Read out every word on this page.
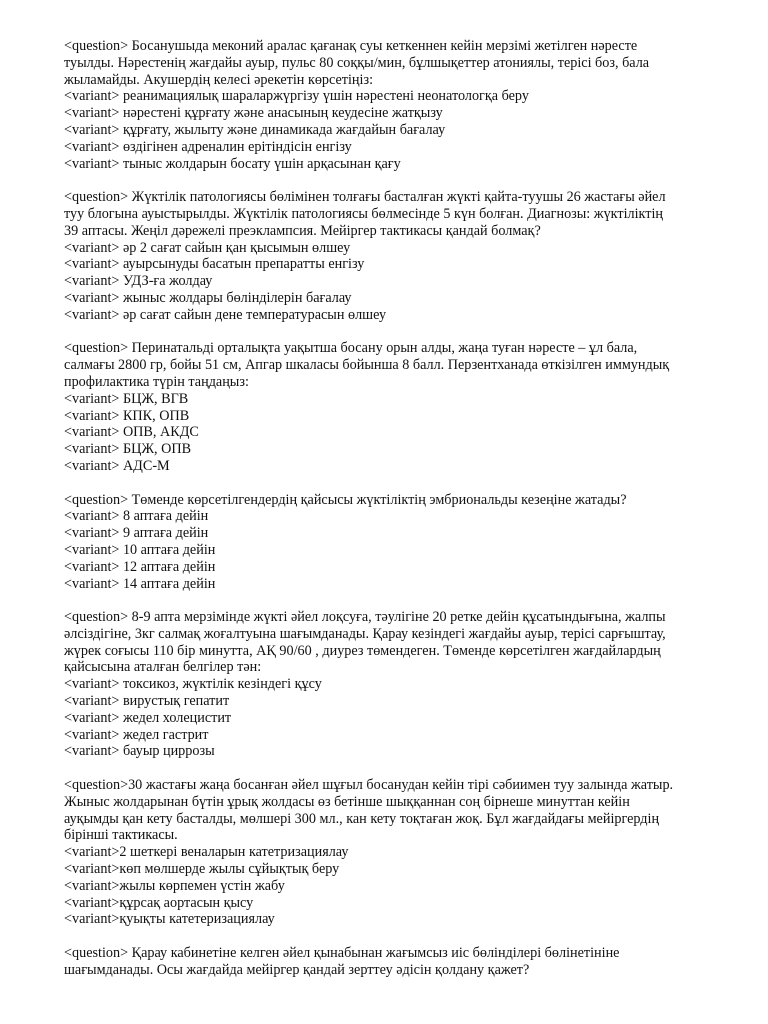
<question> Босанушыда меконий аралас қағанақ суы кеткеннен кейін мерзімі жетілген нәресте
туылды. Нәрестенің жағдайы ауыр, пульс 80 соққы/мин, бұлшықеттер атониялы, терісі боз, бала
жыламайды. Акушердің келесі әрекетін көрсетіңіз:
<variant> реанимациялық шараларжүргізу үшін нәрестені неонатологқа беру
<variant> нәрестені құрғату және анасының кеудесіне жатқызу
<variant> құрғату, жылыту және динамикада жағдайын бағалау
<variant> өздігінен адреналин ерітіндісін енгізу
<variant> тыныс жолдарын босату үшін арқасынан қағу
<question> Жүктілік патологиясы бөлімінен толғағы басталған жүкті қайта-туушы 26 жастағы әйел
туу блогына ауыстырылды. Жүктілік патологиясы бөлмесінде 5 күн болған. Диагнозы: жүктіліктің
39 аптасы. Жеңіл дәрежелі преэклампсия. Мейіргер тактикасы қандай болмақ?
<variant> әр 2 сағат сайын қан қысымын өлшеу
<variant> ауырсынуды басатын препаратты енгізу
<variant> УДЗ-ға жолдау
<variant> жыныс жолдары бөлінділерін бағалау
<variant> әр сағат сайын дене температурасын өлшеу
<question> Перинатальді орталықта уақытша босану орын алды, жаңа туған нәресте – ұл бала,
салмағы 2800 гр, бойы 51 см, Апгар шкаласы бойынша 8 балл. Перзентханада өткізілген иммундық
профилактика түрін таңдаңыз:
<variant> БЦЖ, ВГВ
<variant> КПК, ОПВ
<variant> ОПВ, АКДС
<variant> БЦЖ, ОПВ
<variant> АДС-М
<question> Төменде көрсетілгендердің қайсысы жүктіліктің эмбриональды кезеңіне жатады?
<variant> 8 аптаға дейін
<variant> 9 аптаға дейін
<variant> 10 аптаға дейін
<variant> 12 аптаға дейін
<variant> 14 аптаға дейін
<question> 8-9 апта мерзімінде жүкті әйел лоқсуға, тәулігіне 20 ретке дейін құсатындығына, жалпы
әлсіздігіне, 3кг салмақ жоғалтуына шағымданады. Қарау кезіндегі жағдайы ауыр, терісі сарғыштау,
жүрек соғысы 110 бір минутта, АҚ 90/60 , диурез төмендеген. Төменде көрсетілген жағдайлардың
қайсысына аталған белгілер тән:
<variant> токсикоз, жүктілік кезіндегі құсу
<variant> вирустық гепатит
<variant> жедел холецистит
<variant> жедел гастрит
<variant> бауыр циррозы
<question>30 жастағы жаңа босанған әйел шұғыл босанудан кейін тірі сәбиимен туу залында жатыр.
Жыныс жолдарынан бүтін ұрық жолдасы өз бетінше шыққаннан соң бірнеше минуттан кейін
ауқымды қан кету басталды, мөлшері 300 мл., кан кету тоқтаған жоқ. Бұл жағдайдағы мейіргердің
бірінші тактикасы.
<variant>2 шеткері веналарын катетризациялау
<variant>көп мөлшерде жылы сұйықтық беру
<variant>жылы көрпемен үстін жабу
<variant>құрсақ аортасын қысу
<variant>қуықты катетеризациялау
<question> Қарау кабинетіне келген әйел қынабынан жағымсыз иіс бөлінділері бөлінетініне
шағымданады. Осы жағдайда мейіргер қандай зерттеу әдісін қолдану қажет?
